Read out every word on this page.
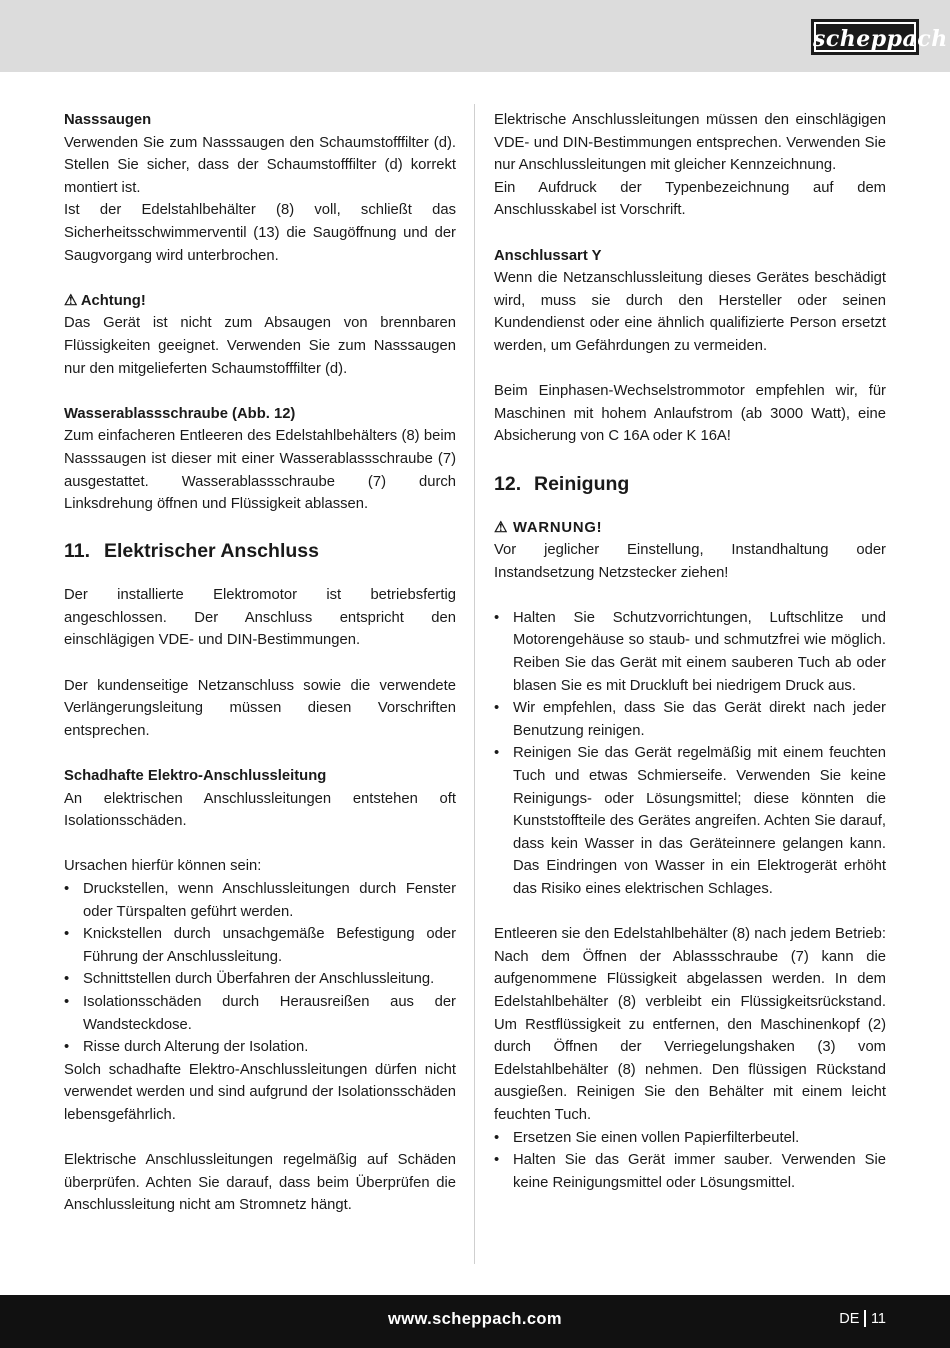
scheppach
Nasssaugen
Verwenden Sie zum Nasssaugen den Schaumstofffilter (d). Stellen Sie sicher, dass der Schaumstofffilter (d) korrekt montiert ist.
Ist der Edelstahlbehälter (8) voll, schließt das Sicherheitsschwimmerventil (13) die Saugöffnung und der Saugvorgang wird unterbrochen.
⚠ Achtung!
Das Gerät ist nicht zum Absaugen von brennbaren Flüssigkeiten geeignet. Verwenden Sie zum Nasssaugen nur den mitgelieferten Schaumstofffilter (d).
Wasserablassschraube (Abb. 12)
Zum einfacheren Entleeren des Edelstahlbehälters (8) beim Nasssaugen ist dieser mit einer Wasserablassschraube (7) ausgestattet. Wasserablassschraube (7) durch Linksdrehung öffnen und Flüssigkeit ablassen.
11. Elektrischer Anschluss
Der installierte Elektromotor ist betriebsfertig angeschlossen. Der Anschluss entspricht den einschlägigen VDE- und DIN-Bestimmungen.
Der kundenseitige Netzanschluss sowie die verwendete Verlängerungsleitung müssen diesen Vorschriften entsprechen.
Schadhafte Elektro-Anschlussleitung
An elektrischen Anschlussleitungen entstehen oft Isolationsschäden.
Ursachen hierfür können sein:
• Druckstellen, wenn Anschlussleitungen durch Fenster oder Türspalten geführt werden.
• Knickstellen durch unsachgemäße Befestigung oder Führung der Anschlussleitung.
• Schnittstellen durch Überfahren der Anschlussleitung.
• Isolationsschäden durch Herausreißen aus der Wandsteckdose.
• Risse durch Alterung der Isolation.
Solch schadhafte Elektro-Anschlussleitungen dürfen nicht verwendet werden und sind aufgrund der Isolationsschäden lebensgefährlich.
Elektrische Anschlussleitungen regelmäßig auf Schäden überprüfen. Achten Sie darauf, dass beim Überprüfen die Anschlussleitung nicht am Stromnetz hängt.
Elektrische Anschlussleitungen müssen den einschlägigen VDE- und DIN-Bestimmungen entsprechen. Verwenden Sie nur Anschlussleitungen mit gleicher Kennzeichnung.
Ein Aufdruck der Typenbezeichnung auf dem Anschlusskabel ist Vorschrift.
Anschlussart Y
Wenn die Netzanschlussleitung dieses Gerätes beschädigt wird, muss sie durch den Hersteller oder seinen Kundendienst oder eine ähnlich qualifizierte Person ersetzt werden, um Gefährdungen zu vermeiden.
Beim Einphasen-Wechselstrommotor empfehlen wir, für Maschinen mit hohem Anlaufstrom (ab 3000 Watt), eine Absicherung von C 16A oder K 16A!
12. Reinigung
⚠ WARNUNG!
Vor jeglicher Einstellung, Instandhaltung oder Instandsetzung Netzstecker ziehen!
• Halten Sie Schutzvorrichtungen, Luftschlitze und Motorengehäuse so staub- und schmutzfrei wie möglich. Reiben Sie das Gerät mit einem sauberen Tuch ab oder blasen Sie es mit Druckluft bei niedrigem Druck aus.
• Wir empfehlen, dass Sie das Gerät direkt nach jeder Benutzung reinigen.
• Reinigen Sie das Gerät regelmäßig mit einem feuchten Tuch und etwas Schmierseife. Verwenden Sie keine Reinigungs- oder Lösungsmittel; diese könnten die Kunststoffteile des Gerätes angreifen. Achten Sie darauf, dass kein Wasser in das Geräteinnere gelangen kann. Das Eindringen von Wasser in ein Elektrogerät erhöht das Risiko eines elektrischen Schlages.
Entleeren sie den Edelstahlbehälter (8) nach jedem Betrieb: Nach dem Öffnen der Ablassschraube (7) kann die aufgenommene Flüssigkeit abgelassen werden. In dem Edelstahlbehälter (8) verbleibt ein Flüssigkeitsrückstand. Um Restflüssigkeit zu entfernen, den Maschinenkopf (2) durch Öffnen der Verriegelungshaken (3) vom Edelstahlbehälter (8) nehmen. Den flüssigen Rückstand ausgießen. Reinigen Sie den Behälter mit einem leicht feuchten Tuch.
• Ersetzen Sie einen vollen Papierfilterbeutel.
• Halten Sie das Gerät immer sauber. Verwenden Sie keine Reinigungsmittel oder Lösungsmittel.
www.scheppach.com	DE 11
